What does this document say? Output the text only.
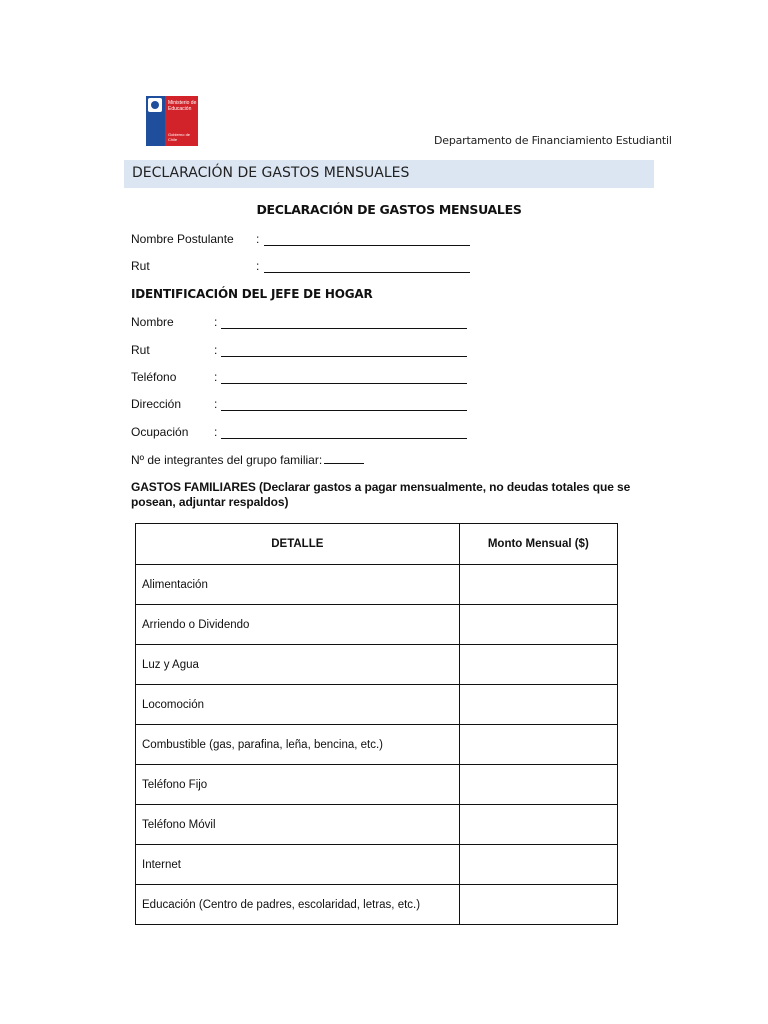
Ministerio de Educación
Gobierno de Chile	Departamento de Financiamiento Estudiantil
DECLARACIÓN DE GASTOS MENSUALES
DECLARACIÓN DE GASTOS MENSUALES
Nombre Postulante :
Rut	:
IDENTIFICACIÓN DEL JEFE DE HOGAR
Nombre	:
Rut	:
Teléfono	:
Dirección	:
Ocupación :
Nº de integrantes del grupo familiar:
GASTOS FAMILIARES (Declarar gastos a pagar mensualmente, no deudas totales que se posean, adjuntar respaldos)
DETALLE	Monto Mensual ($)
Alimentación	
Arriendo o Dividendo	
Luz y Agua	
Locomoción	
Combustible (gas, parafina, leña, bencina, etc.)	
Teléfono Fijo	
Teléfono Móvil	
Internet	
Educación (Centro de padres, escolaridad, letras, etc.)	
